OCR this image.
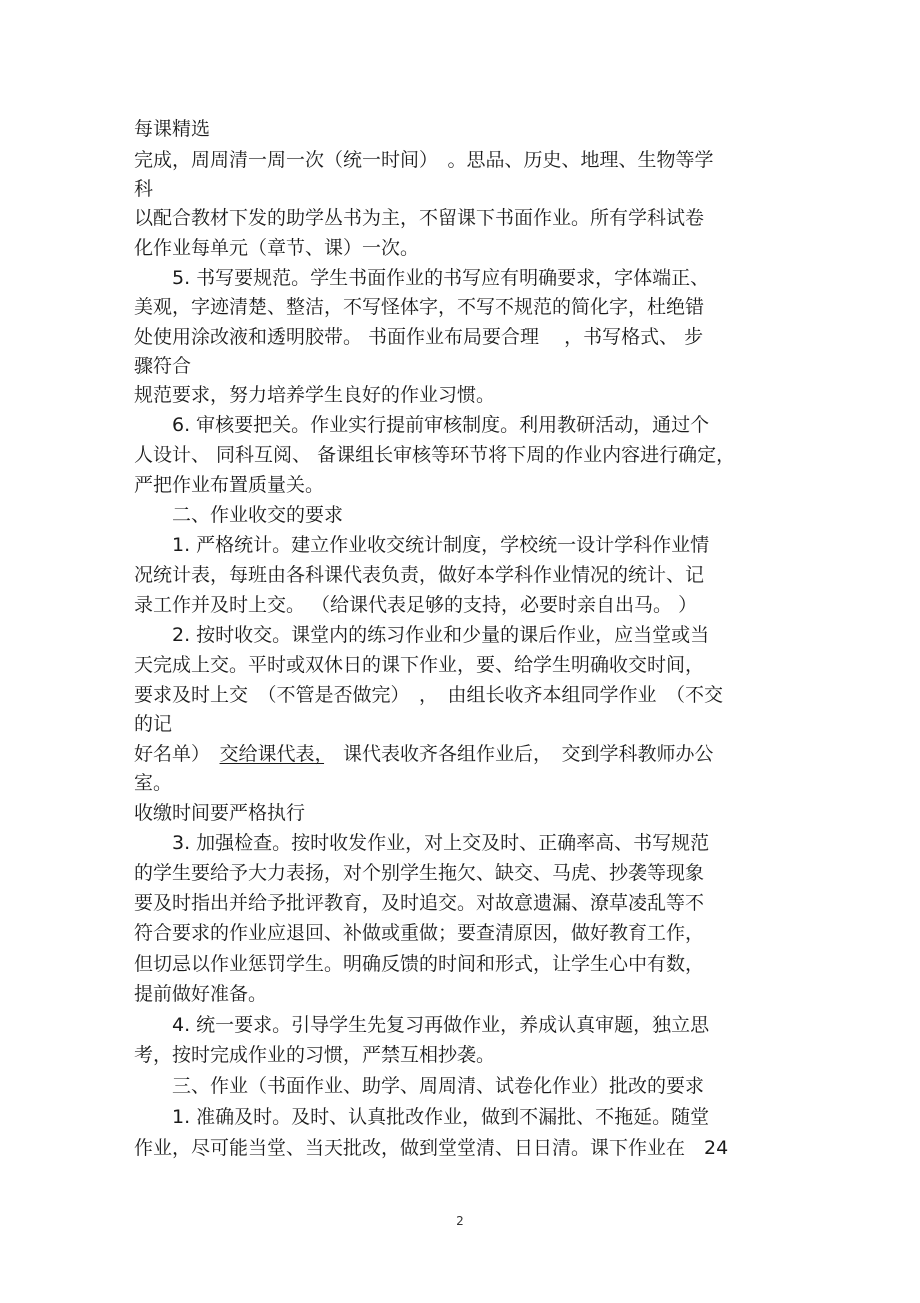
每课精选

完成，周周清一周一次（统一时间）　。思品、历史、地理、生物等学

科

以配合教材下发的助学丛书为主，不留课下书面作业。所有学科试卷

化作业每单元（章节、课）一次。

　　5. 书写要规范。学生书面作业的书写应有明确要求，字体端正、

美观，字迹清楚、整洁，不写怪体字，不写不规范的简化字，杜绝错

处使用涂改液和透明胶带。 书面作业布局要合理　 ，书写格式、 步

骤符合

规范要求，努力培养学生良好的作业习惯。

　　6. 审核要把关。作业实行提前审核制度。利用教研活动，通过个

人设计、 同科互阅、 备课组长审核等环节将下周的作业内容进行确定，

严把作业布置质量关。

　　二、作业收交的要求

　　1. 严格统计。建立作业收交统计制度，学校统一设计学科作业情

况统计表，每班由各科课代表负责，做好本学科作业情况的统计、记

录工作并及时上交。 （给课代表足够的支持，必要时亲自出马。 ）

　　2. 按时收交。课堂内的练习作业和少量的课后作业，应当堂或当

天完成上交。平时或双休日的课下作业，要、给学生明确收交时间，

要求及时上交　（不管是否做完）　，　由组长收齐本组同学作业　（不交

的记

好名单）　 交给课代表，　课代表收齐各组作业后，　交到学科教师办公

室。

收缴时间要严格执行

　　3. 加强检查。按时收发作业，对上交及时、正确率高、书写规范

的学生要给予大力表扬，对个别学生拖欠、缺交、马虎、抄袭等现象

要及时指出并给予批评教育，及时追交。对故意遗漏、潦草凌乱等不

符合要求的作业应退回、补做或重做；要查清原因，做好教育工作，

但切忌以作业惩罚学生。明确反馈的时间和形式，让学生心中有数，

提前做好准备。

　　4. 统一要求。引导学生先复习再做作业，养成认真审题，独立思

考，按时完成作业的习惯，严禁互相抄袭。

　　三、作业（书面作业、助学、周周清、试卷化作业）批改的要求

　　1. 准确及时。及时、认真批改作业，做到不漏批、不拖延。随堂

作业，尽可能当堂、当天批改，做到堂堂清、日日清。课下作业在　24

2
